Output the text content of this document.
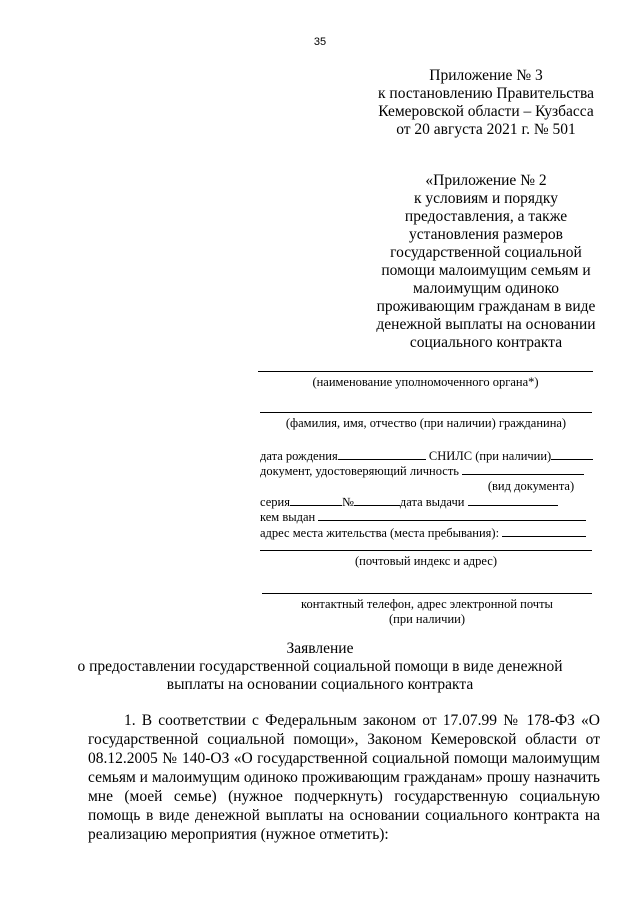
35
Приложение № 3
к постановлению Правительства
Кемеровской области – Кузбасса
от 20 августа 2021 г. № 501
«Приложение № 2
к условиям и порядку
предоставления, а также
установления размеров
государственной социальной
помощи малоимущим семьям и
малоимущим одиноко
проживающим гражданам в виде
денежной выплаты на основании
социального контракта
(наименование уполномоченного органа*)
(фамилия, имя, отчество (при наличии) гражданина)
дата рождения	СНИЛС (при наличии)
документ, удостоверяющий личность
(вид документа)
серия	№	дата выдачи
кем выдан
адрес места жительства (места пребывания):
(почтовый индекс и адрес)
контактный телефон, адрес электронной почты
(при наличии)
Заявление
о предоставлении государственной социальной помощи в виде денежной
выплаты на основании социального контракта

1. В соответствии с Федеральным законом от 17.07.99 № 178-ФЗ «О государственной социальной помощи», Законом Кемеровской области от 08.12.2005 № 140-ОЗ «О государственной социальной помощи малоимущим семьям и малоимущим одиноко проживающим гражданам» прошу назначить мне (моей семье) (нужное подчеркнуть) государственную социальную помощь в виде денежной выплаты на основании социального контракта на реализацию мероприятия (нужное отметить):
